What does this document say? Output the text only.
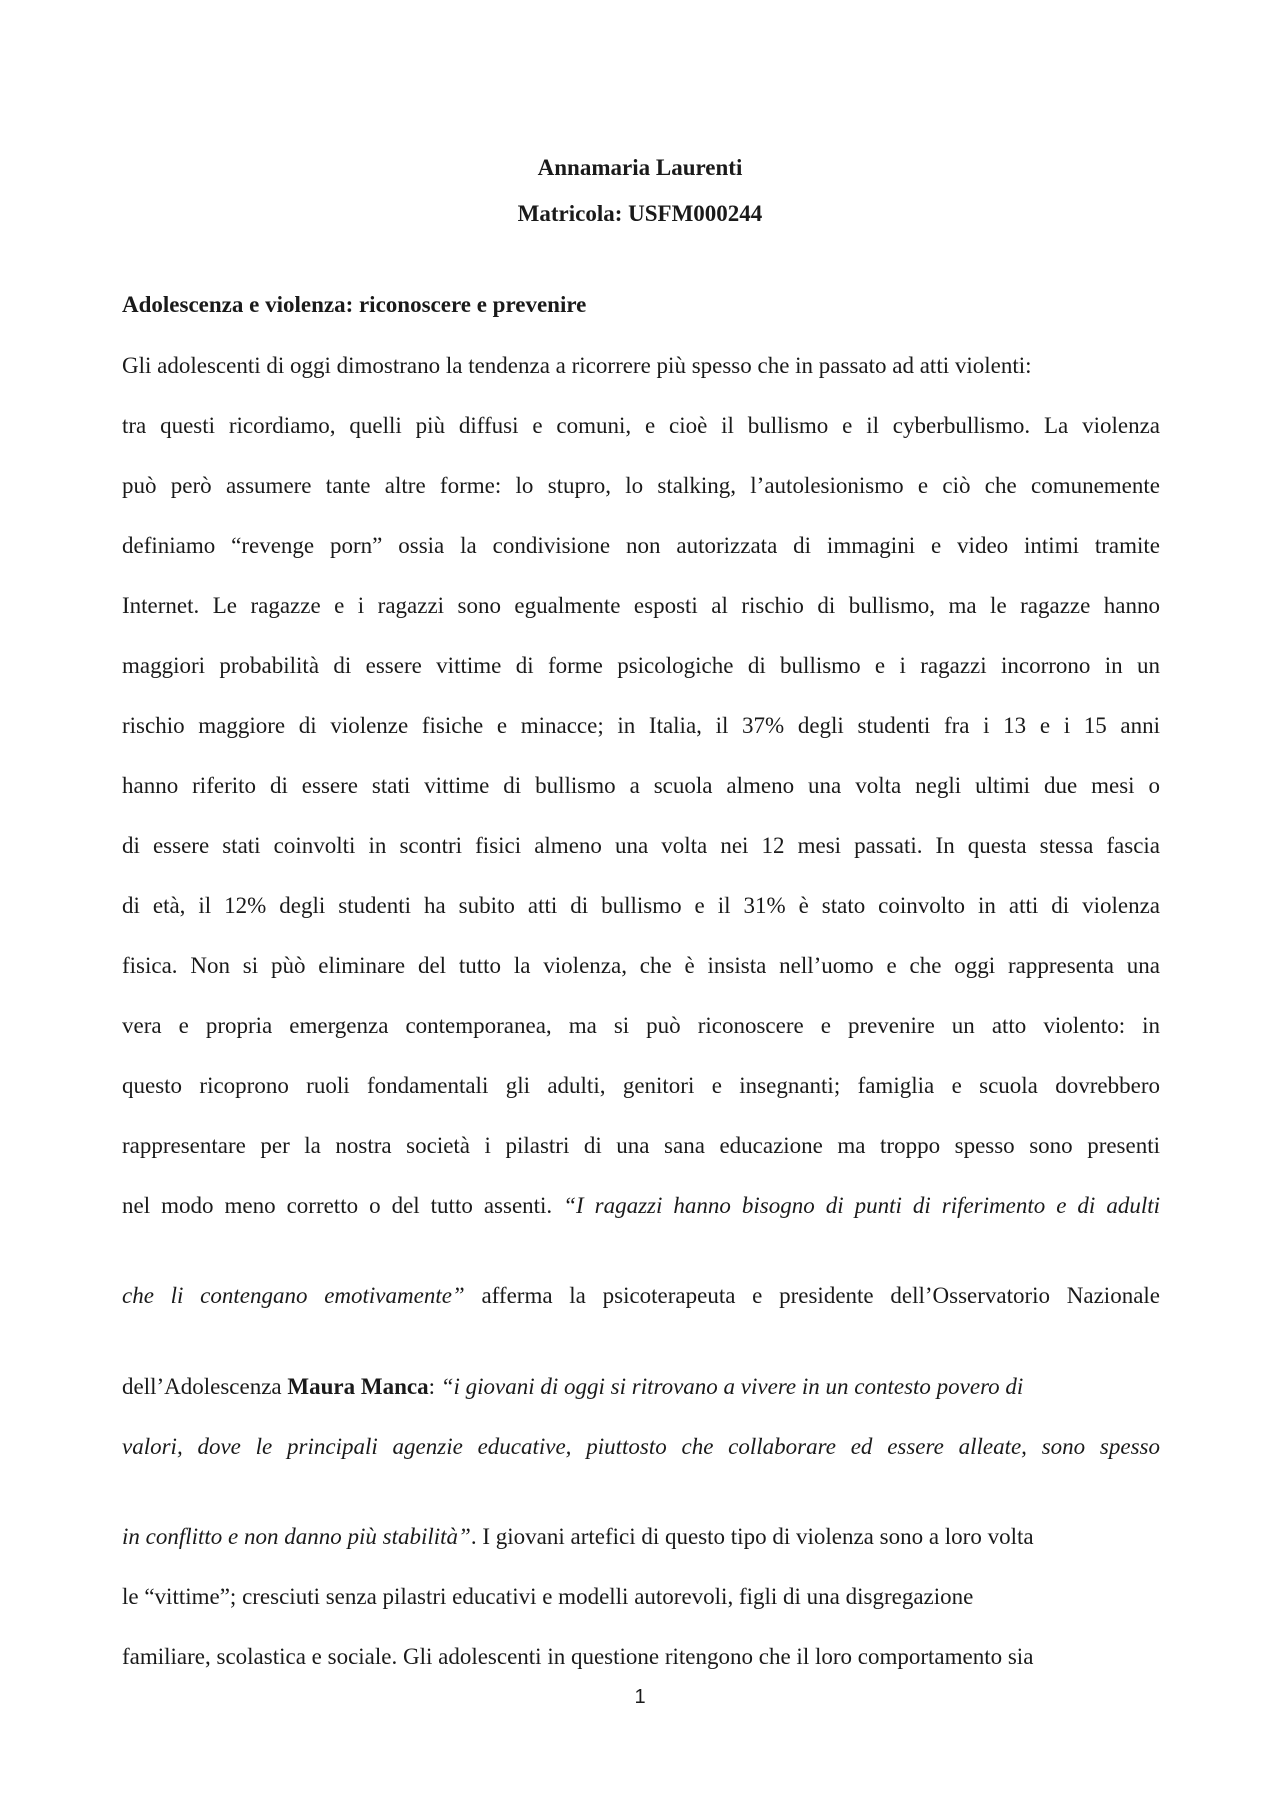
Annamaria Laurenti
Matricola: USFM000244
Adolescenza e violenza: riconoscere e prevenire
Gli adolescenti di oggi dimostrano la tendenza a ricorrere più spesso che in passato ad atti violenti:
tra questi ricordiamo, quelli più diffusi e comuni, e cioè il bullismo e il cyberbullismo. La violenza
può però assumere tante altre forme: lo stupro, lo stalking, l’autolesionismo e ciò che comunemente
definiamo “revenge porn” ossia la condivisione non autorizzata di immagini e video intimi tramite
Internet. Le ragazze e i ragazzi sono egualmente esposti al rischio di bullismo, ma le ragazze hanno
maggiori probabilità di essere vittime di forme psicologiche di bullismo e i ragazzi incorrono in un
rischio maggiore di violenze fisiche e minacce; in Italia, il 37% degli studenti fra i 13 e i 15 anni
hanno riferito di essere stati vittime di bullismo a scuola almeno una volta negli ultimi due mesi o
di essere stati coinvolti in scontri fisici almeno una volta nei 12 mesi passati. In questa stessa fascia
di età, il 12% degli studenti ha subito atti di bullismo e il 31% è stato coinvolto in atti di violenza
fisica. Non si pùò eliminare del tutto la violenza, che è insista nell’uomo e che oggi rappresenta una
vera e propria emergenza contemporanea, ma si può riconoscere e prevenire un atto violento: in
questo ricoprono ruoli fondamentali gli adulti, genitori e insegnanti; famiglia e scuola dovrebbero
rappresentare per la nostra società i pilastri di una sana educazione ma troppo spesso sono presenti
nel modo meno corretto o del tutto assenti. “I ragazzi hanno bisogno di punti di riferimento e di adulti
che li contengano emotivamente” afferma la psicoterapeuta e presidente dell’Osservatorio Nazionale
dell’Adolescenza Maura Manca: “i giovani di oggi si ritrovano a vivere in un contesto povero di
valori, dove le principali agenzie educative, piuttosto che collaborare ed essere alleate, sono spesso
in conflitto e non danno più stabilità”. I giovani artefici di questo tipo di violenza sono a loro volta
le “vittime”; cresciuti senza pilastri educativi e modelli autorevoli, figli di una disgregazione
familiare, scolastica e sociale. Gli adolescenti in questione ritengono che il loro comportamento sia
1
